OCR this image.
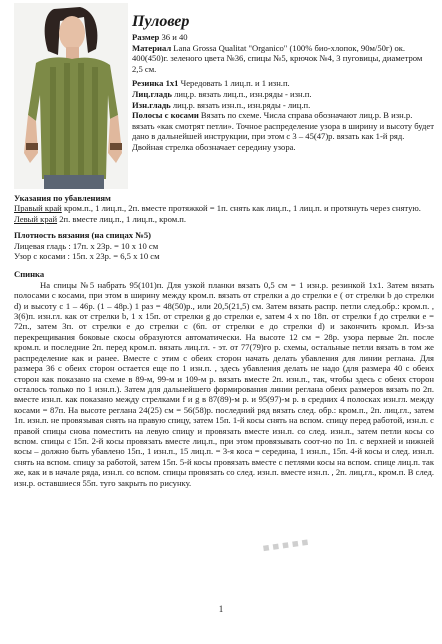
Пуловер

Размер 36 и 40

Материал Lana Grossa Qualitat "Organico" (100% био-хлопок, 90м/50г) ок. 400(450)г. зеленого цвета №36, спицы №5, крючок №4, 3 пуговицы, диаметром 2,5 см.

Резинка 1х1 Чередовать 1 лиц.п. и 1 изн.п.

Лиц.гладь лиц.р. вязать лиц.п., изн.ряды - изн.п.

Изн.гладь лиц.р. вязать изн.п., изн.ряды - лиц.п.

Полосы с косами Вязать по схеме. Числа справа обозначают лиц.р. В изн.р. вязать «как смотрят петли». Точное распределение узора в ширину и высоту будет дано в дальнейшей инструкции, при этом с 3 – 45(47)р. вязать как 1-й ряд. Двойная стрелка обозначает середину узора.

Указания по убавлениям

Правый край кром.п., 1 лиц.п., 2п. вместе протяжкой = 1п. снять как лиц.п., 1 лиц.п. и протянуть через снятую.

Левый край 2п. вместе лиц.п., 1 лиц.п., кром.п.

Плотность вязания (на спицах №5)

Лицевая гладь : 17п. х 23р. = 10 х 10 см

Узор с косами : 15п. х 23р. = 6,5 х 10 см

Спинка

На спицы №5 набрать 95(101)п. Для узкой планки вязать 0,5 см = 1 изн.р. резинкой 1х1. Затем вязать полосами с косами, при этом в ширину между кром.п. вязать от стрелки a до стрелки e ( от стрелки b до стрелки d) и высоту с 1 – 46р. (1 – 48р.) 1 раз = 48(50)р., или 20,5(21,5) см. Затем вязать распр. петли след.обр.: кром.п. , 3(6)п. изн.гл. как от стрелки b, 1 х 15п. от стрелки g до стрелки e, затем 4 х по 18п. от стрелки f до стрелки e = 72п., затем 3п. от стрелки e до стрелки c (6п. от стрелки e до стрелки d) и закончить кром.п. Из-за перекрещивания боковые скосы образуются автоматически. На высоте 12 см = 28р. узора первые 2п. после кром.п. и последние 2п. перед кром.п. вязать лиц.гл. - эт. от 77(79)го р. схемы, остальные петли вязать в том же распределение как и ранее. Вместе с этим с обеих сторон начать делать убавления для линии реглана. Для размера 36 с обеих сторон остается еще по 1 изн.п. , здесь убавления делать не надо (для размера 40 с обеих сторон как показано на схеме в 89-м, 99-м и 109-м р. вязать вместе 2п. изн.п., так, чтобы здесь с обеих сторон осталось только по 1 изн.п.). Затем для дальнейшего формирования линии реглана обеих размеров вязать по 2п. вместе изн.п. как показано между стрелками f и g в 87(89)-м р. и 95(97)-м р. в средних 4 полосках изн.гл. между косами = 87п. На высоте реглана 24(25) см = 56(58)р. последний ряд вязать след. обр.: кром.п., 2п. лиц.гл., затем 1п. изн.п. не провязывая снять на правую спицу, затем 15п. 1-й косы снять на вспом. спицу перед работой, изн.п. с правой спицы снова поместить на левую спицу и провязать вместе изн.п. со след. изн.п., затем петли косы со вспом. спицы с 15п. 2-й косы провязать вместе лиц.п., при этом провязывать соот-но по 1п. с верхней и нижней косы – должно быть убавлено 15п., 1 изн.п., 15 лиц.п. = 3-я коса = середина, 1 изн.п., 15п. 4-й косы и след. изн.п. снять на вспом. спицу за работой, затем 15п. 5-й косы провязать вместе с петлями косы на вспом. спице лиц.п. так же, как и в начале ряда, изн.п. со вспом. спицы провязать со след. изн.п. вместе изн.п. , 2п. лиц.гл., кром.п. В след. изн.р. оставшиеся 55п. туго закрыть по рисунку.

▪▪▪▪▪
1
